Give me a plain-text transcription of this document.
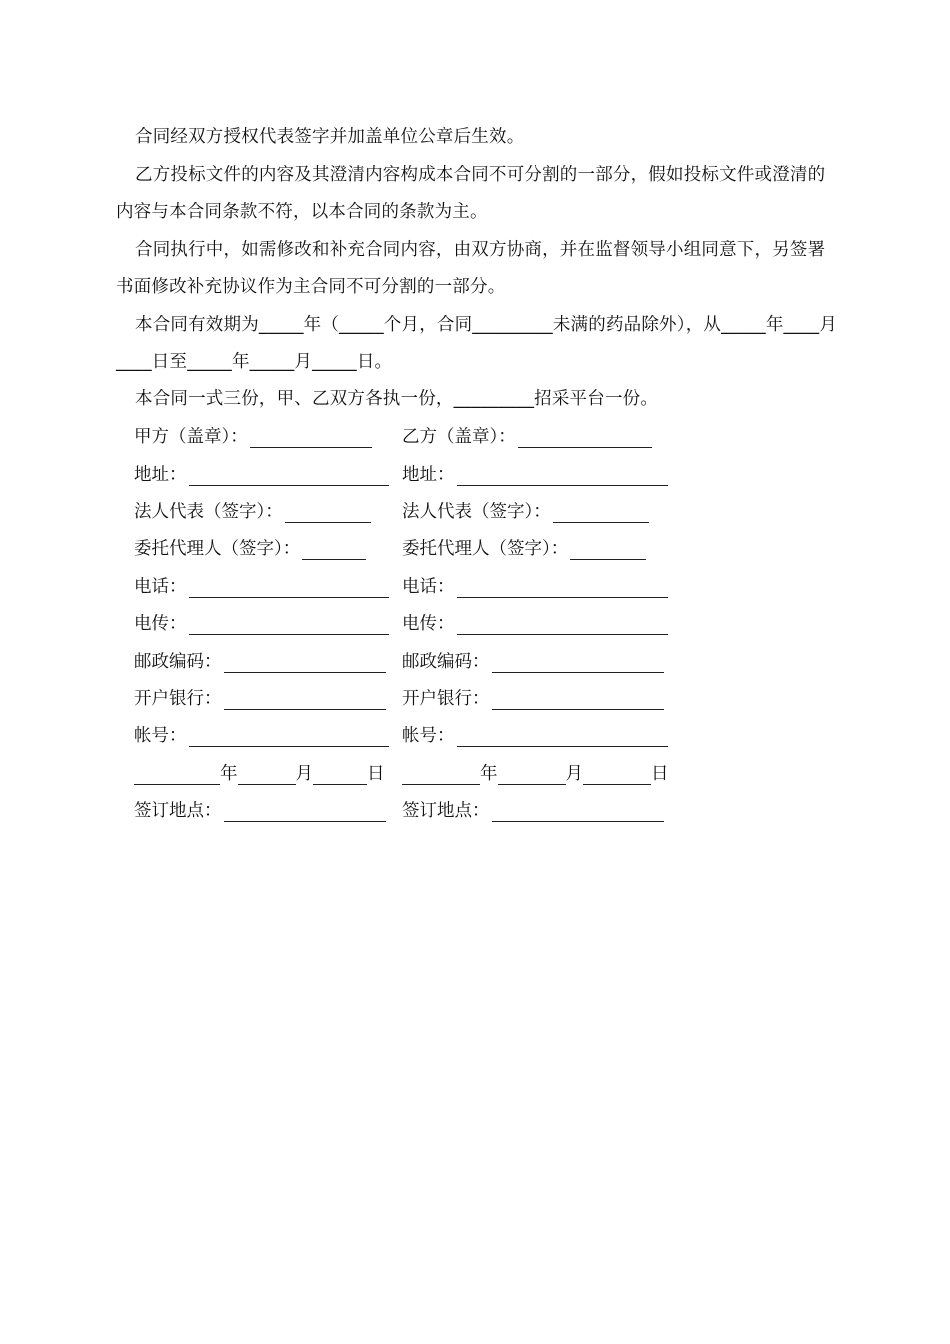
合同经双方授权代表签字并加盖单位公章后生效。

乙方投标文件的内容及其澄清内容构成本合同不可分割的一部分，假如投标文件或澄清的内容与本合同条款不符，以本合同的条款为主。

合同执行中，如需修改和补充合同内容，由双方协商，并在监督领导小组同意下，另签署书面修改补充协议作为主合同不可分割的一部分。

本合同有效期为_____年（_____个月，合同_________未满的药品除外），从_____年____月____日至_____年_____月_____日。

本合同一式三份，甲、乙双方各执一份，_________招采平台一份。

甲方（盖章）：	乙方（盖章）：
地址：	地址：
法人代表（签字）：	法人代表（签字）：
委托代理人（签字）：	委托代理人（签字）：
电话：	电话：
电传：	电传：
邮政编码：	邮政编码：
开户银行：	开户银行：
帐号：	帐号：
年	月	日	年	月	日
签订地点：	签订地点：
